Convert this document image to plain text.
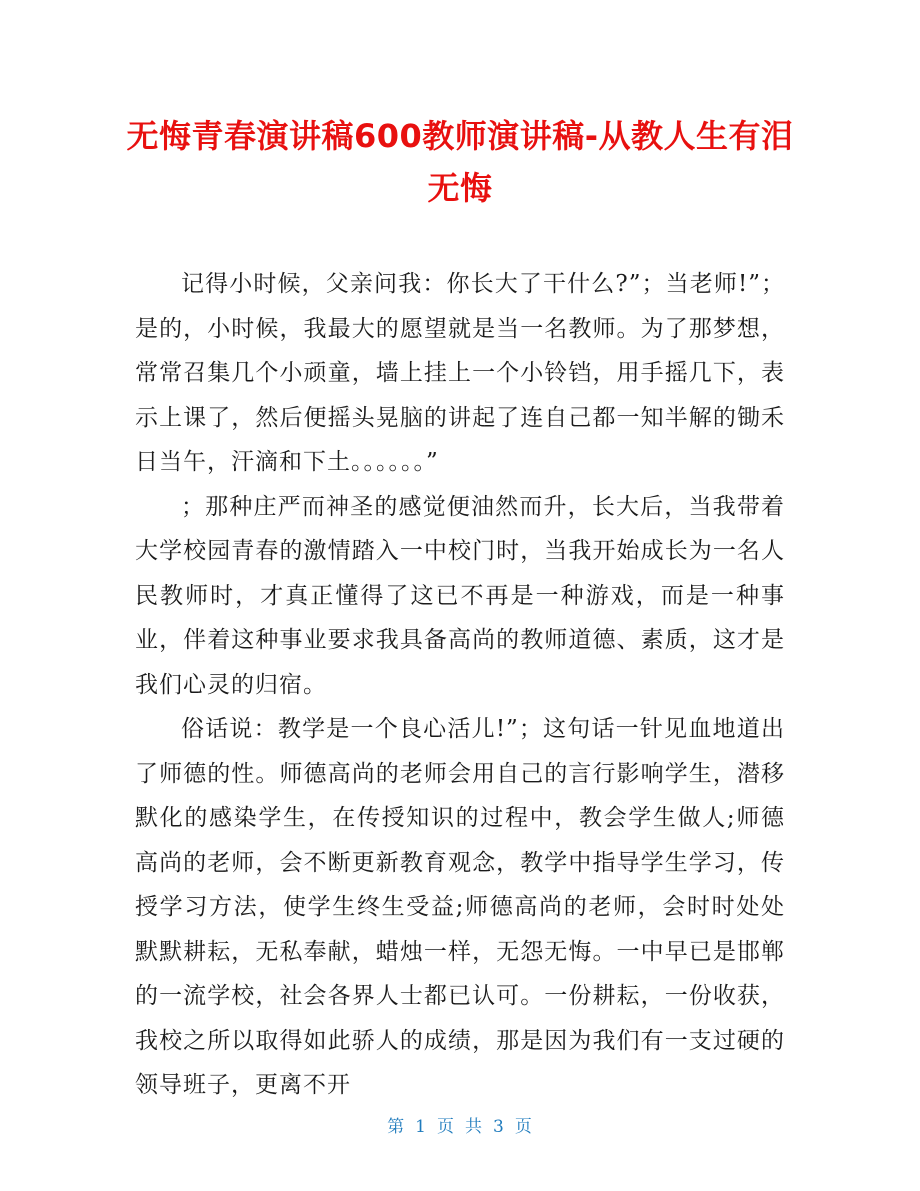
无悔青春演讲稿600教师演讲稿-从教人生有泪无悔

记得小时候，父亲问我：你长大了干什么?”；当老师!”；是的，小时候，我最大的愿望就是当一名教师。为了那梦想，常常召集几个小顽童，墙上挂上一个小铃铛，用手摇几下，表示上课了，然后便摇头晃脑的讲起了连自己都一知半解的锄禾日当午，汗滴和下土。。。。。。”

；那种庄严而神圣的感觉便油然而升，长大后，当我带着大学校园青春的激情踏入一中校门时，当我开始成长为一名人民教师时，才真正懂得了这已不再是一种游戏，而是一种事业，伴着这种事业要求我具备高尚的教师道德、素质，这才是我们心灵的归宿。

俗话说：教学是一个良心活儿!”；这句话一针见血地道出了师德的性。师德高尚的老师会用自己的言行影响学生，潜移默化的感染学生，在传授知识的过程中，教会学生做人;师德高尚的老师，会不断更新教育观念，教学中指导学生学习，传授学习方法，使学生终生受益;师德高尚的老师，会时时处处默默耕耘，无私奉献，蜡烛一样，无怨无悔。一中早已是邯郸的一流学校，社会各界人士都已认可。一份耕耘，一份收获，我校之所以取得如此骄人的成绩，那是因为我们有一支过硬的领导班子，更离不开

第 1 页 共 3 页
